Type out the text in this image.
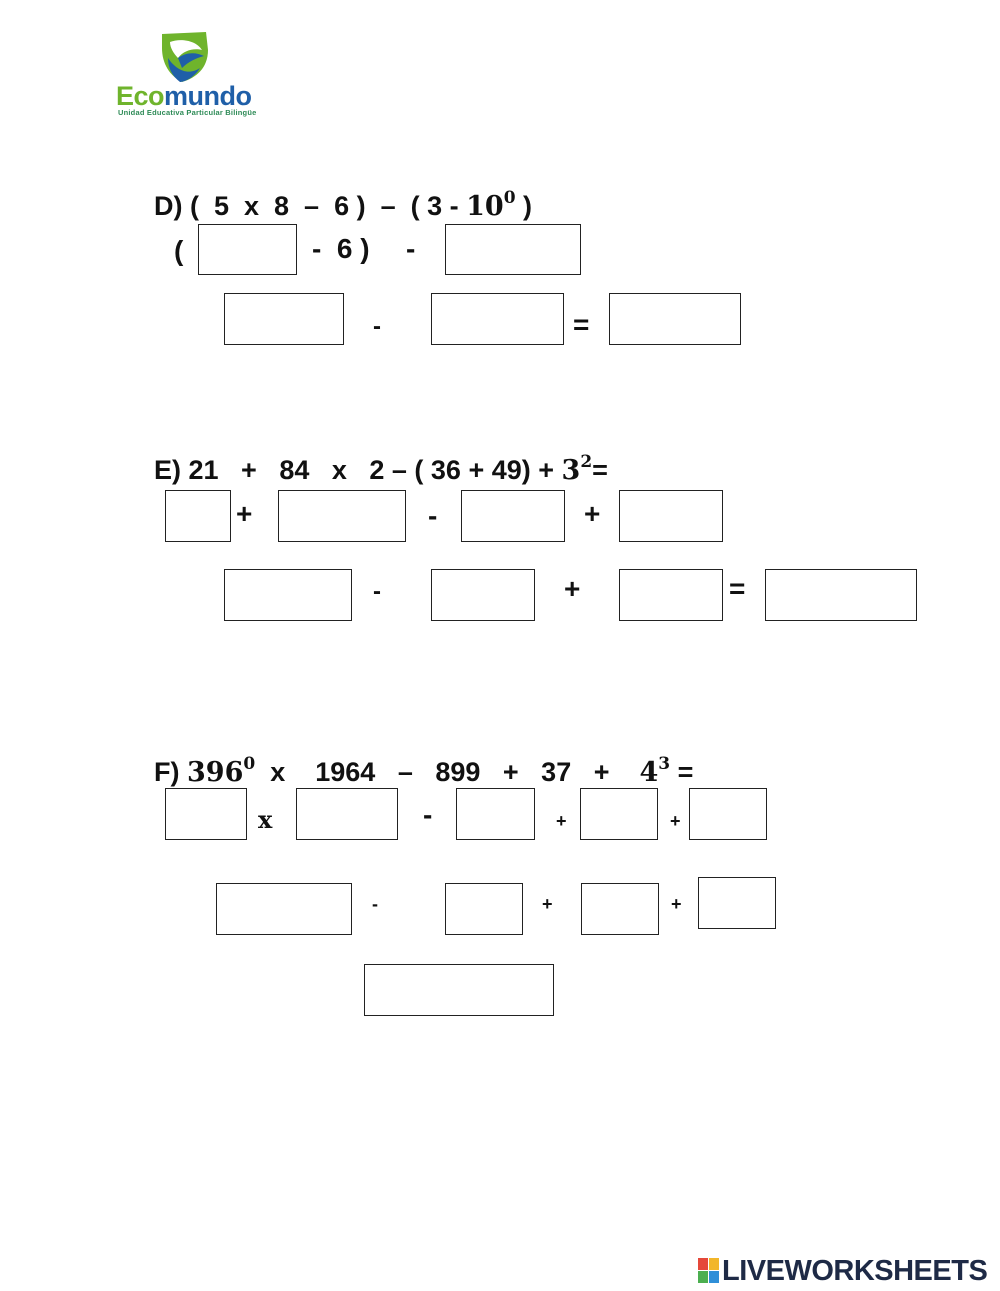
Ecomundo
Unidad Educativa Particular Bilingüe

D) (  5  x  8  –  6 )  –  ( $3 - 10^0$ )

(	-  6 ) -
-	=

E) 21   +   84   x   2 – ( $36 + 49) + 3^2=$

+	-	+
-	+	=

F) $396^0$  x    1964   –   899   +   37   +    $4^3$ =

x	-	+	+
-	+	+
LIVEWORKSHEETS
